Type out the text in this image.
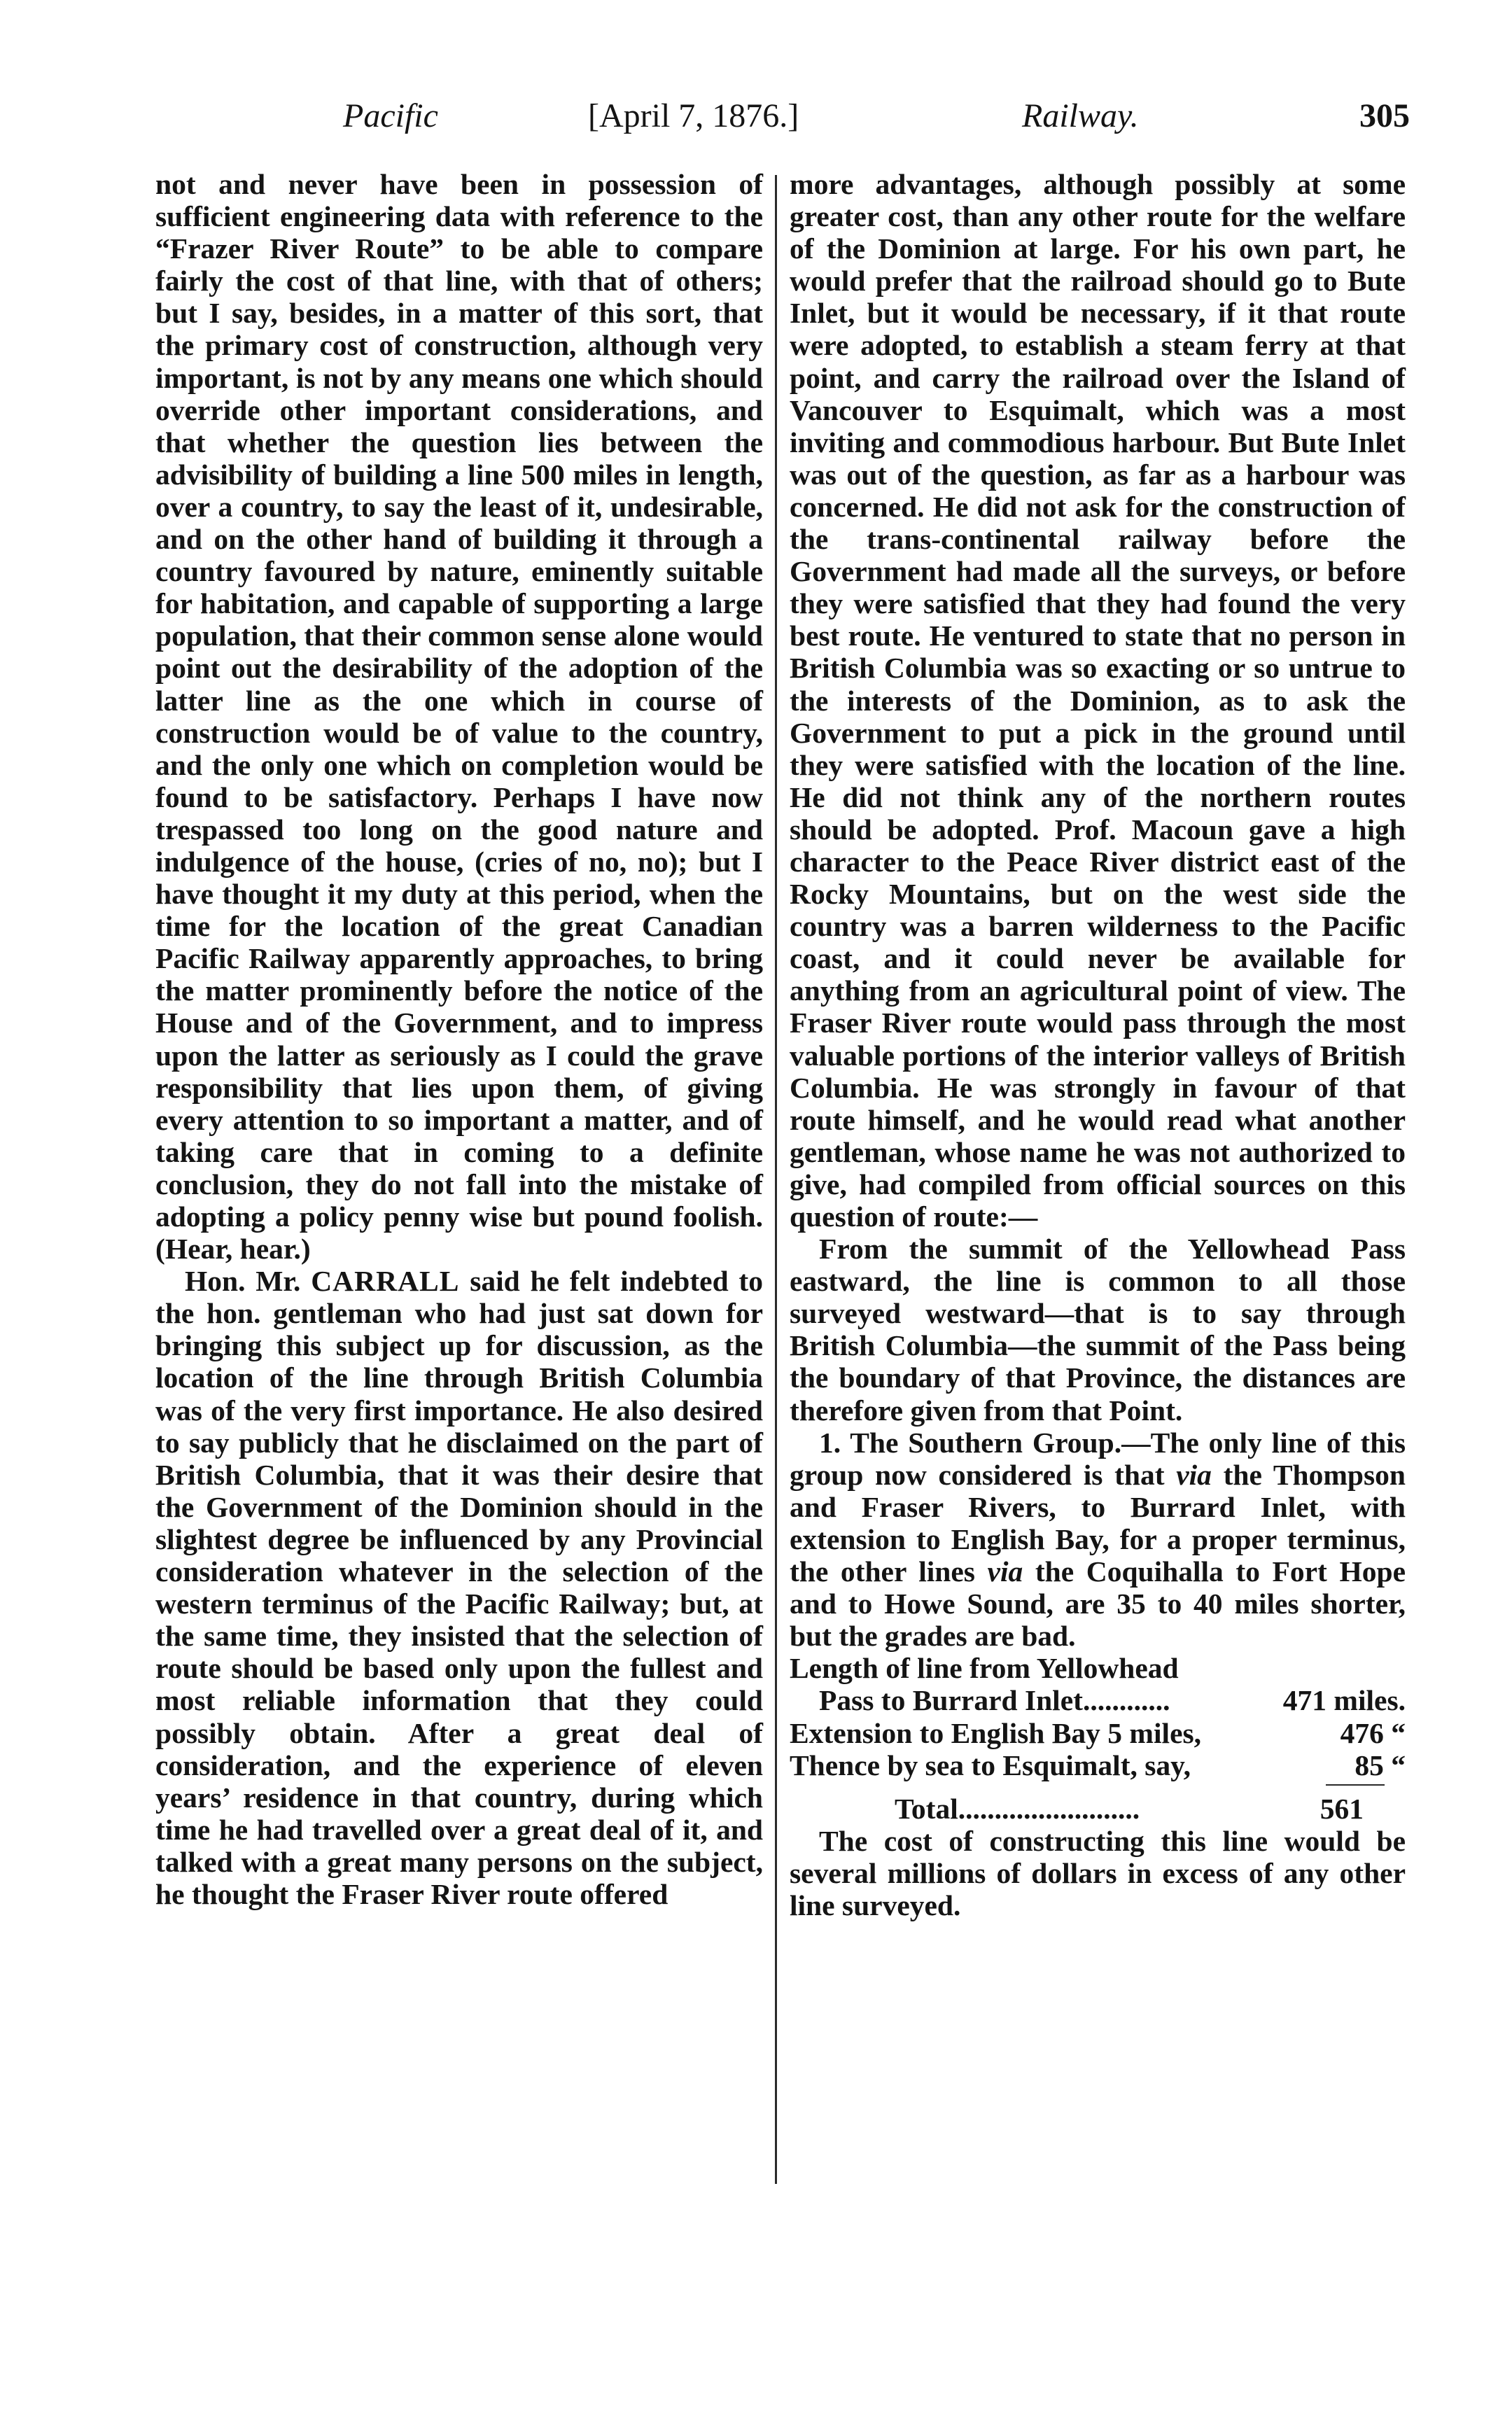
Pacific	[April 7, 1876.]	Railway.	305

not and never have been in possession of sufficient engineering data with reference to the “Frazer River Route” to be able to compare fairly the cost of that line, with that of others; but I say, besides, in a matter of this sort, that the primary cost of construction, although very important, is not by any means one which should override other important considerations, and that whether the question lies between the advisibility of building a line 500 miles in length, over a country, to say the least of it, undesirable, and on the other hand of building it through a country favoured by nature, eminently suitable for habitation, and capable of supporting a large population, that their common sense alone would point out the desirability of the adoption of the latter line as the one which in course of construction would be of value to the country, and the only one which on completion would be found to be satisfactory. Perhaps I have now trespassed too long on the good nature and indulgence of the house, (cries of no, no); but I have thought it my duty at this period, when the time for the location of the great Canadian Pacific Railway apparently approaches, to bring the matter prominently before the notice of the House and of the Government, and to impress upon the latter as seriously as I could the grave responsibility that lies upon them, of giving every attention to so important a matter, and of taking care that in coming to a definite conclusion, they do not fall into the mistake of adopting a policy penny wise but pound foolish. (Hear, hear.)

Hon. Mr. CARRALL said he felt indebted to the hon. gentleman who had just sat down for bringing this subject up for discussion, as the location of the line through British Columbia was of the very first importance. He also desired to say publicly that he disclaimed on the part of British Columbia, that it was their desire that the Government of the Dominion should in the slightest degree be influenced by any Provincial consideration whatever in the selection of the western terminus of the Pacific Railway; but, at the same time, they insisted that the selection of route should be based only upon the fullest and most reliable information that they could possibly obtain. After a great deal of consideration, and the experience of eleven years’ residence in that country, during which time he had travelled over a great deal of it, and talked with a great many persons on the subject, he thought the Fraser River route offered

more advantages, although possibly at some greater cost, than any other route for the welfare of the Dominion at large. For his own part, he would prefer that the railroad should go to Bute Inlet, but it would be necessary, if it that route were adopted, to establish a steam ferry at that point, and carry the railroad over the Island of Vancouver to Esquimalt, which was a most inviting and commodious harbour. But Bute Inlet was out of the question, as far as a harbour was concerned. He did not ask for the construction of the trans-continental railway before the Government had made all the surveys, or before they were satisfied that they had found the very best route. He ventured to state that no person in British Columbia was so exacting or so untrue to the interests of the Dominion, as to ask the Government to put a pick in the ground until they were satisfied with the location of the line. He did not think any of the northern routes should be adopted. Prof. Macoun gave a high character to the Peace River district east of the Rocky Mountains, but on the west side the country was a barren wilderness to the Pacific coast, and it could never be available for anything from an agricultural point of view. The Fraser River route would pass through the most valuable portions of the interior valleys of British Columbia. He was strongly in favour of that route himself, and he would read what another gentleman, whose name he was not authorized to give, had compiled from official sources on this question of route:—

From the summit of the Yellowhead Pass eastward, the line is common to all those surveyed westward—that is to say through British Columbia—the summit of the Pass being the boundary of that Province, the distances are therefore given from that Point.

1. The Southern Group.—The only line of this group now considered is that via the Thompson and Fraser Rivers, to Burrard Inlet, with extension to English Bay, for a proper terminus, the other lines via the Coquihalla to Fort Hope and to Howe Sound, are 35 to 40 miles shorter, but the grades are bad.

Length of line from Yellowhead
Pass to Burrard Inlet............	471 miles.
Extension to English Bay 5 miles,	476 “
Thence by sea to Esquimalt, say,	85 “
Total.........................	561

The cost of constructing this line would be several millions of dollars in excess of any other line surveyed.
